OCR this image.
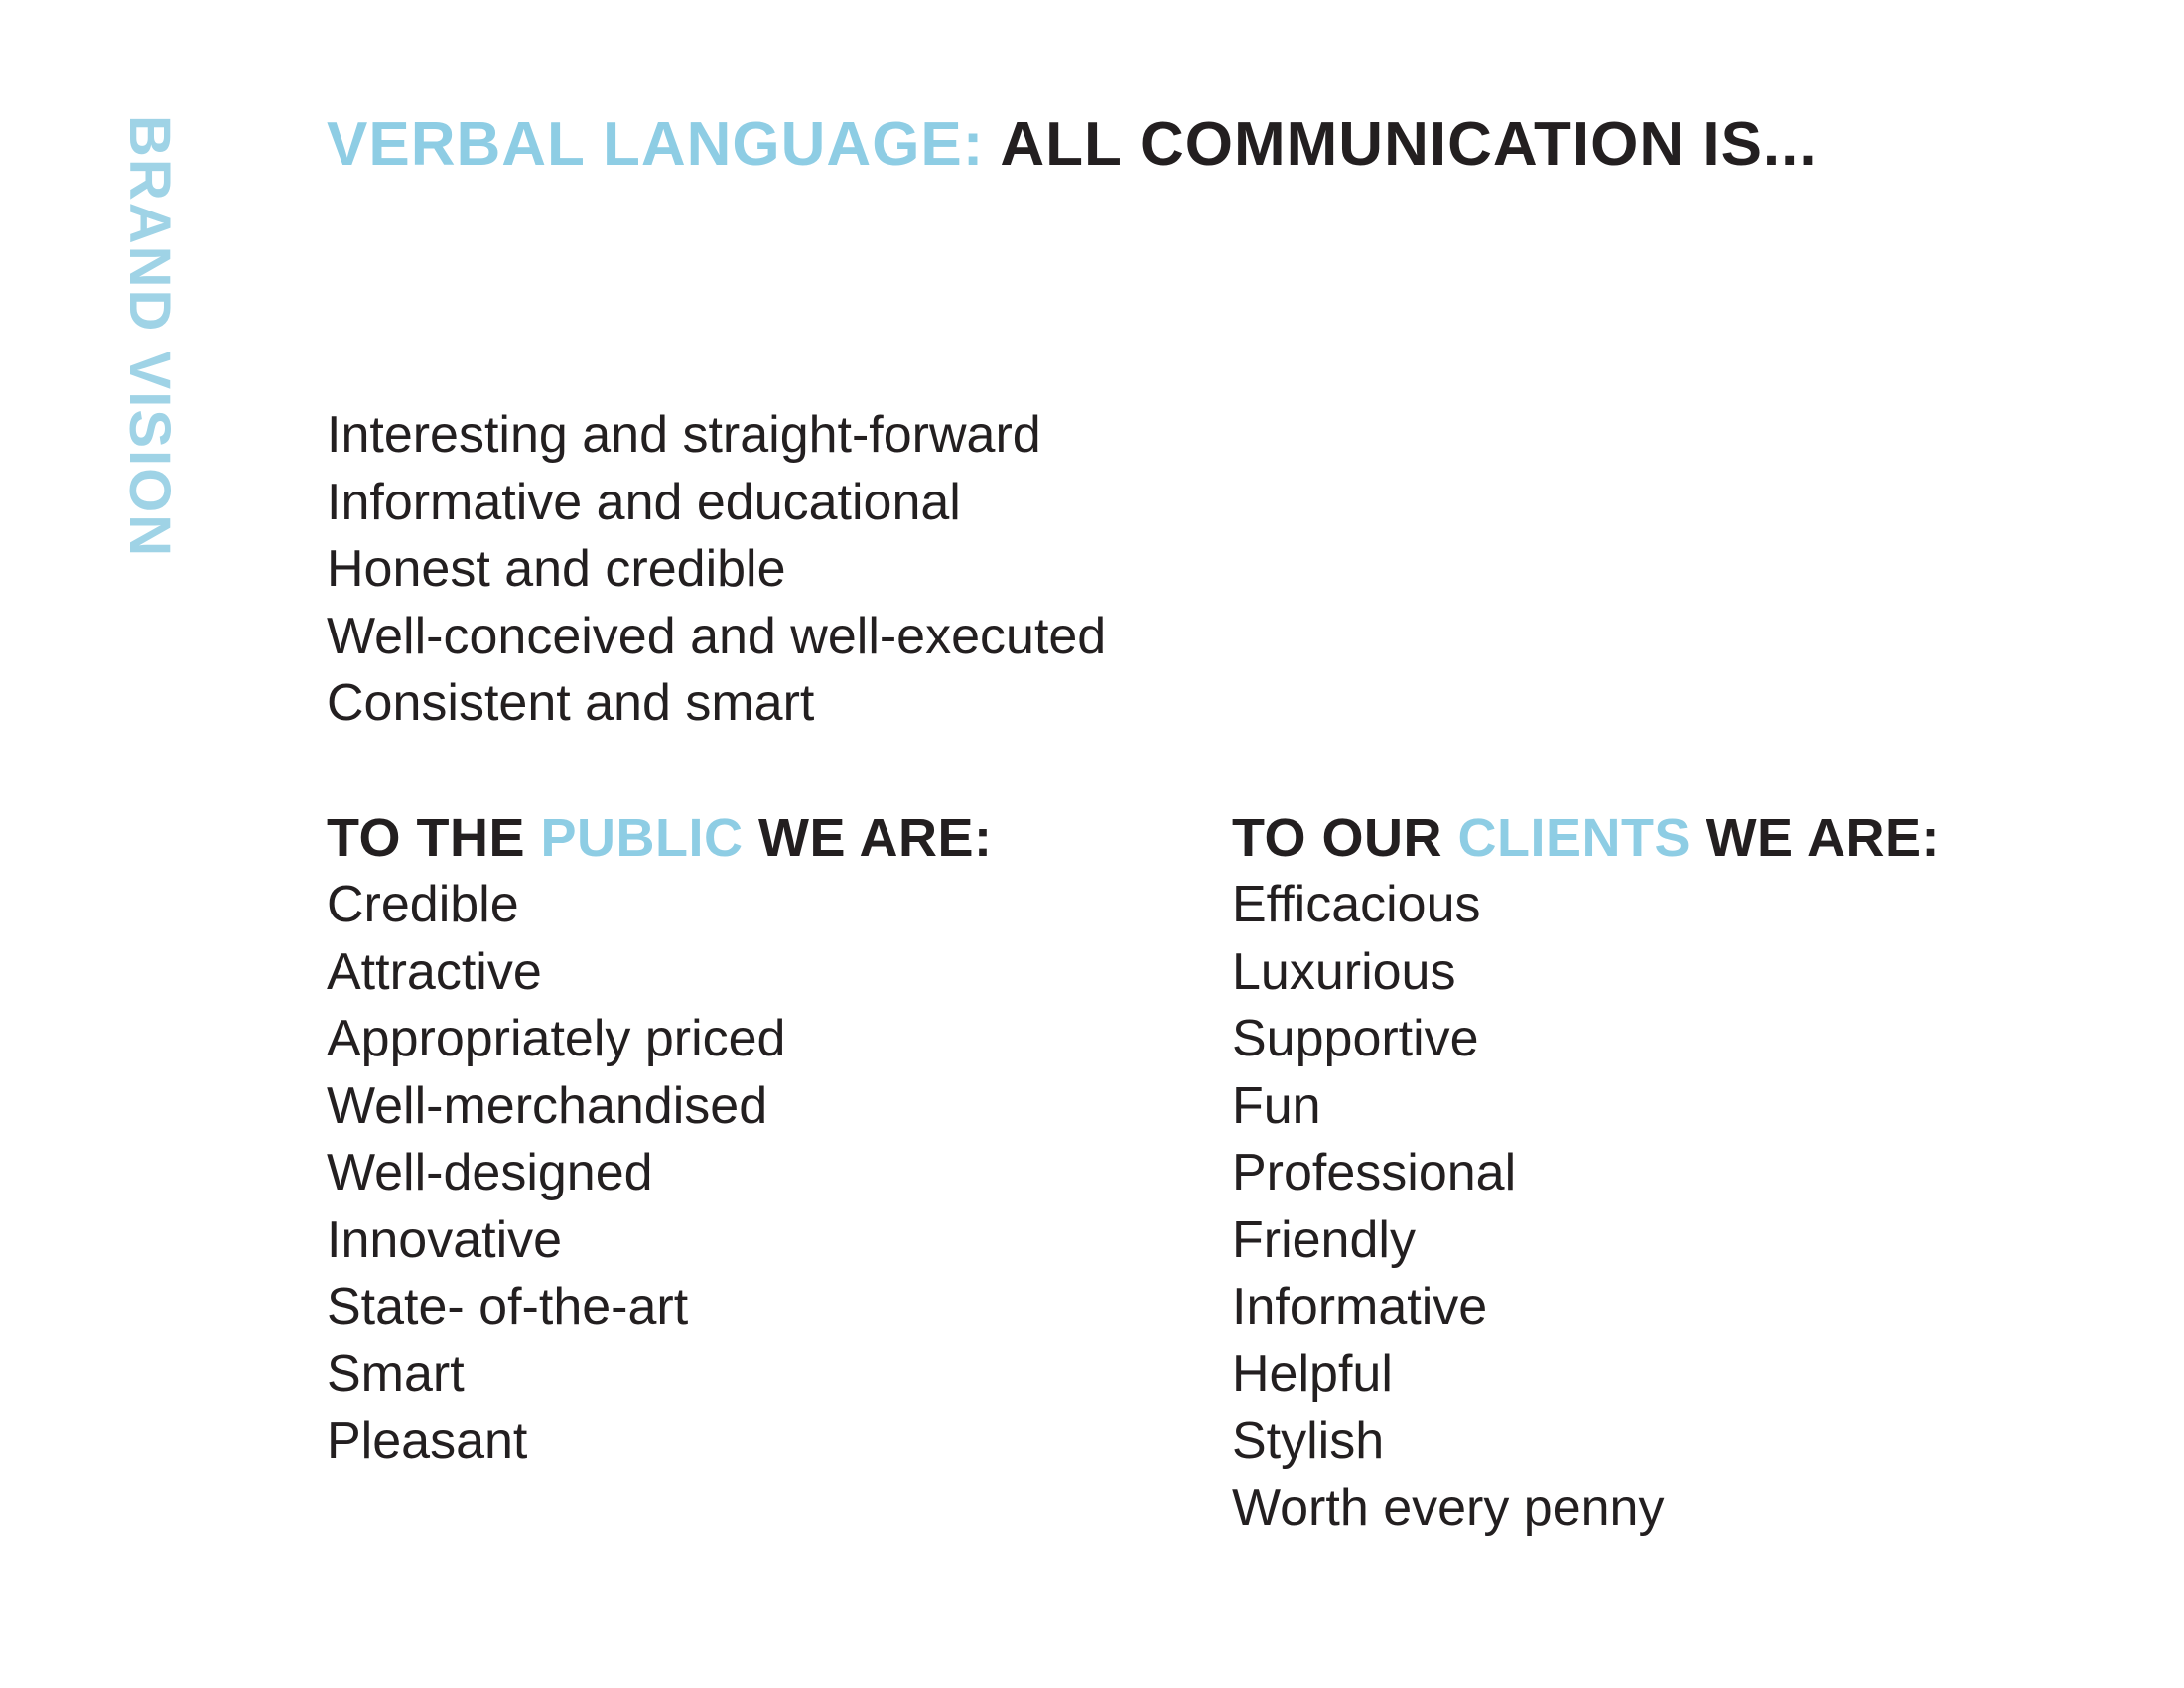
BRAND VISION VERBAL LANGUAGE: ALL COMMUNICATION IS...
Interesting and straight-forward
Informative and educational
Honest and credible
Well-conceived and well-executed
Consistent and smart
TO THE PUBLIC WE ARE:
Credible
Attractive
Appropriately priced
Well-merchandised
Well-designed
Innovative
State- of-the-art
Smart
Pleasant
TO OUR CLIENTS WE ARE:
Efficacious
Luxurious
Supportive
Fun
Professional
Friendly
Informative
Helpful
Stylish
Worth every penny
